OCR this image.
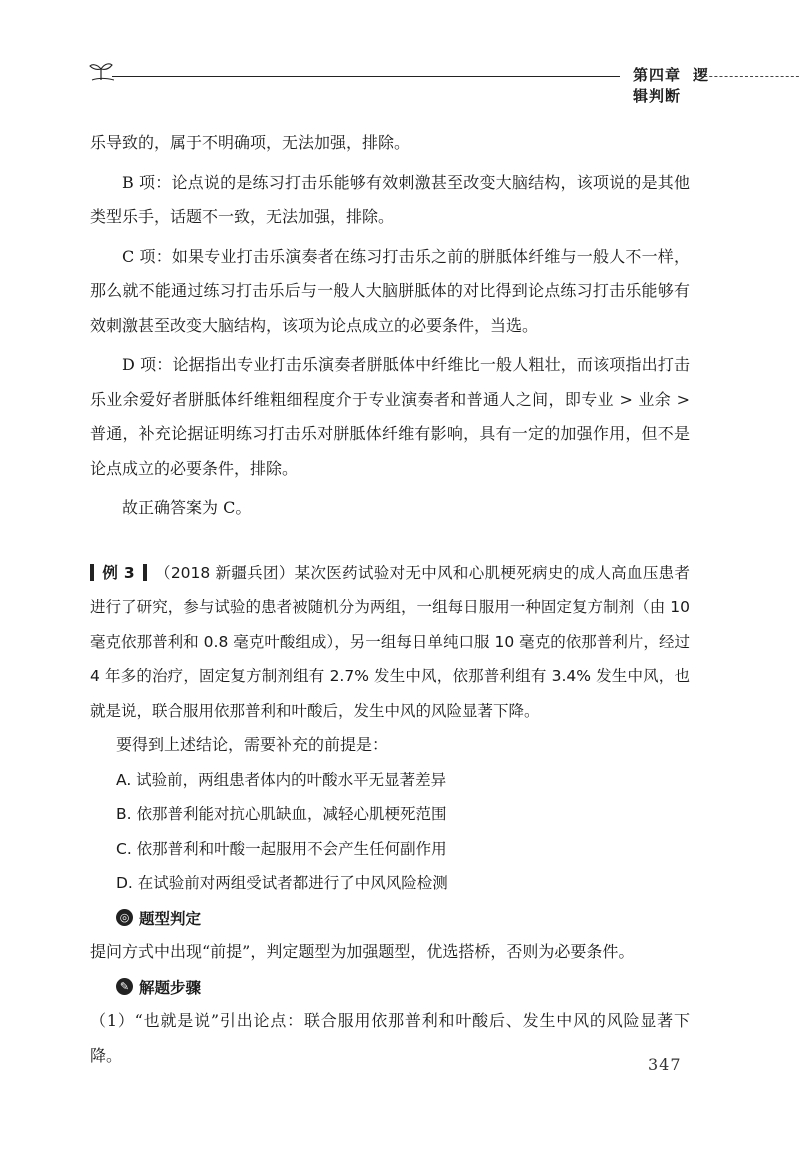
第四章 逻辑判断

乐导致的，属于不明确项，无法加强，排除。

B 项：论点说的是练习打击乐能够有效刺激甚至改变大脑结构，该项说的是其他类型乐手，话题不一致，无法加强，排除。

C 项：如果专业打击乐演奏者在练习打击乐之前的胼胝体纤维与一般人不一样，那么就不能通过练习打击乐后与一般人大脑胼胝体的对比得到论点练习打击乐能够有效刺激甚至改变大脑结构，该项为论点成立的必要条件，当选。

D 项：论据指出专业打击乐演奏者胼胝体中纤维比一般人粗壮，而该项指出打击乐业余爱好者胼胝体纤维粗细程度介于专业演奏者和普通人之间，即专业 > 业余 > 普通，补充论据证明练习打击乐对胼胝体纤维有影响，具有一定的加强作用，但不是论点成立的必要条件，排除。

故正确答案为 C。

例 3 （2018 新疆兵团）某次医药试验对无中风和心肌梗死病史的成人高血压患者进行了研究，参与试验的患者被随机分为两组，一组每日服用一种固定复方制剂（由 10 毫克依那普利和 0.8 毫克叶酸组成），另一组每日单纯口服 10 毫克的依那普利片，经过 4 年多的治疗，固定复方制剂组有 2.7% 发生中风，依那普利组有 3.4% 发生中风，也就是说，联合服用依那普利和叶酸后，发生中风的风险显著下降。

要得到上述结论，需要补充的前提是：

A. 试验前，两组患者体内的叶酸水平无显著差异

B. 依那普利能对抗心肌缺血，减轻心肌梗死范围

C. 依那普利和叶酸一起服用不会产生任何副作用

D. 在试验前对两组受试者都进行了中风风险检测

◎ 题型判定

提问方式中出现“前提”，判定题型为加强题型，优选搭桥，否则为必要条件。

✎ 解题步骤

（1）“也就是说”引出论点：联合服用依那普利和叶酸后、发生中风的风险显著下降。	347
